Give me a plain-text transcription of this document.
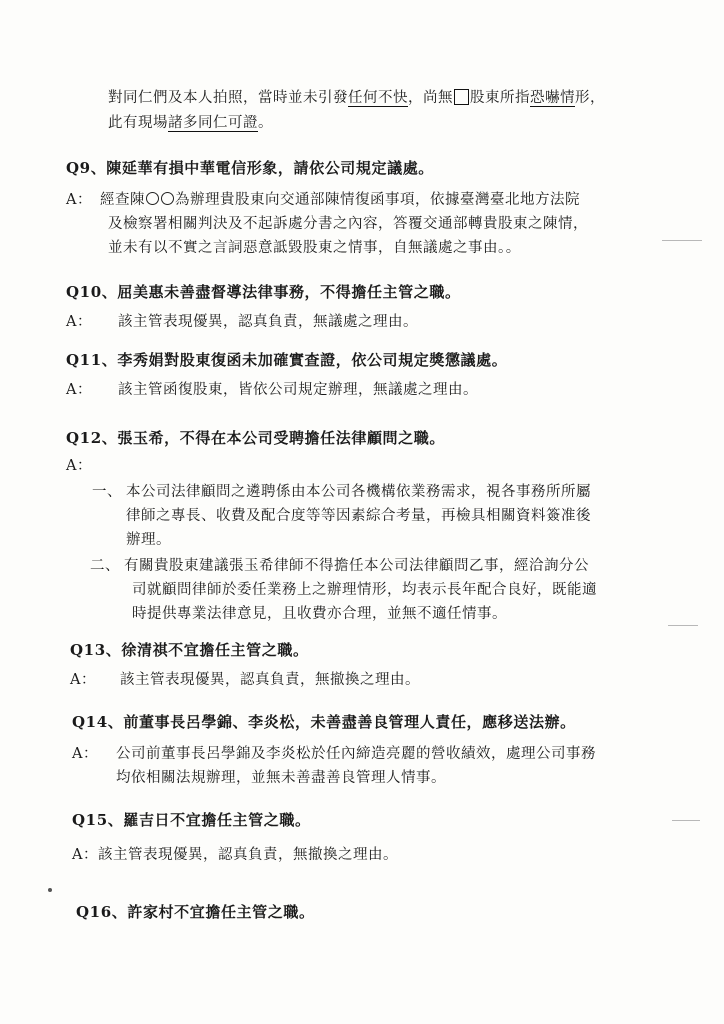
對同仁們及本人拍照，當時並未引發任何不快，尚無 股東所指恐嚇情形，
此有現場諸多同仁可證。
Q9、陳延華有損中華電信形象，請依公司規定議處。
A： 經查陳 為辦理貴股東向交通部陳情復函事項，依據臺灣臺北地方法院
及檢察署相關判決及不起訴處分書之內容，答覆交通部轉貴股東之陳情，
並未有以不實之言詞惡意詆毀股東之情事，自無議處之事由。。
Q10、屈美惠未善盡督導法律事務，不得擔任主管之職。
A： 該主管表現優異，認真負責，無議處之理由。
Q11、李秀娟對股東復函未加確實查證，依公司規定獎懲議處。
A： 該主管函復股東，皆依公司規定辦理，無議處之理由。
Q12、張玉希，不得在本公司受聘擔任法律顧問之職。
A：
一、 本公司法律顧問之遴聘係由本公司各機構依業務需求，視各事務所所屬
律師之專長、收費及配合度等等因素綜合考量，再檢具相關資料簽准後
辦理。
二、 有關貴股東建議張玉希律師不得擔任本公司法律顧問乙事，經洽詢分公
司就顧問律師於委任業務上之辦理情形，均表示長年配合良好，既能適
時提供專業法律意見，且收費亦合理，並無不適任情事。
Q13、徐清祺不宜擔任主管之職。
A： 該主管表現優異，認真負責，無撤換之理由。
Q14、前董事長呂學錦、李炎松，未善盡善良管理人責任，應移送法辦。
A： 公司前董事長呂學錦及李炎松於任內締造亮麗的營收績效，處理公司事務
均依相關法規辦理，並無未善盡善良管理人情事。
Q15、羅吉日不宜擔任主管之職。
A：該主管表現優異，認真負責，無撤換之理由。
Q16、許家村不宜擔任主管之職。
